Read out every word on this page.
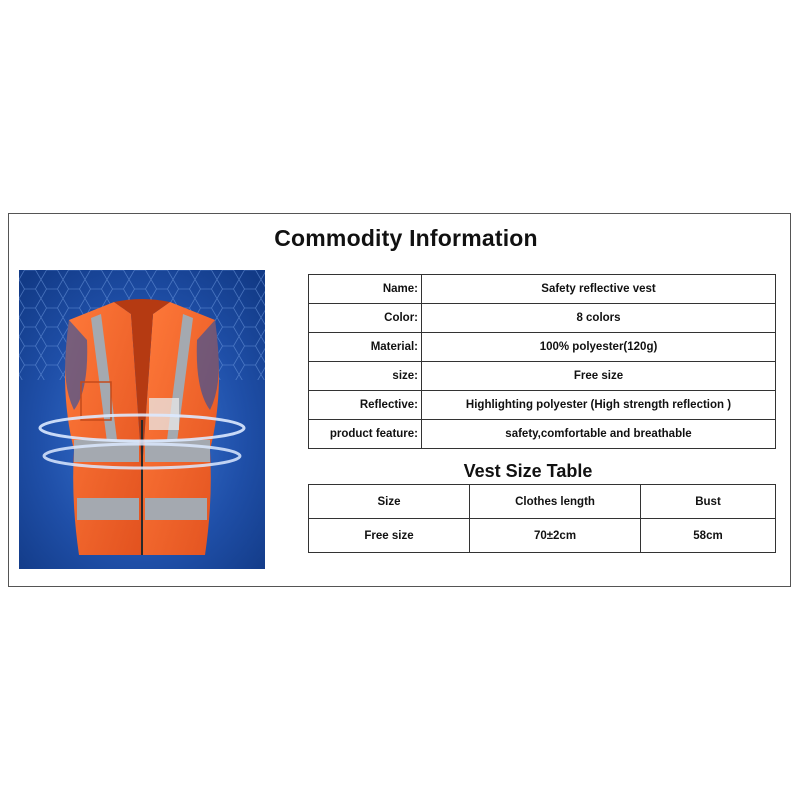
Commodity Information
Name:	Safety reflective vest
Color:	8 colors
Material:	100% polyester(120g)
size:	Free size
Reflective:	Highlighting polyester (High strength reflection )
product feature:	safety,comfortable and breathable
Vest Size Table
Size	Clothes length	Bust
Free size	70±2cm	58cm
